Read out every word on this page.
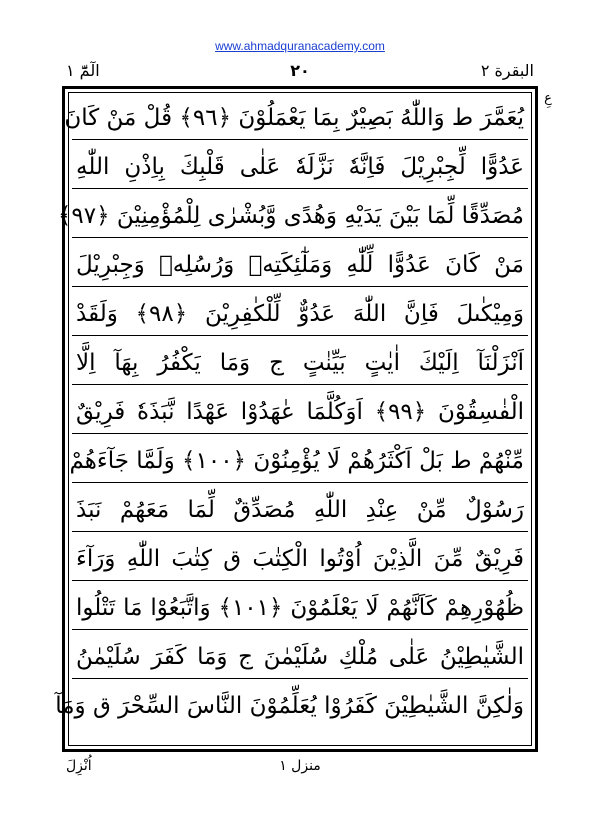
www.ahmadquranacademy.com
البقرة ٢
٢٠
الٓمّٓ ١
عِ
يُعَمَّرَ ط وَاللّٰهُ بَصِيْرٌ بِمَا يَعْمَلُوْنَ ﴿٩٦﴾ قُلْ مَنْ كَانَ
عَدُوًّا لِّجِبْرِيْلَ فَاِنَّهٗ نَزَّلَهٗ عَلٰى قَلْبِكَ بِاِذْنِ اللّٰهِ
مُصَدِّقًا لِّمَا بَيْنَ يَدَيْهِ وَهُدًى وَّبُشْرٰى لِلْمُؤْمِنِيْنَ ﴿٩٧﴾
مَنْ كَانَ عَدُوًّا لِّلّٰهِ وَمَلٰٓئِكَتِهٖ وَرُسُلِهٖ وَجِبْرِيْلَ
وَمِيْكٰىلَ فَاِنَّ اللّٰهَ عَدُوٌّ لِّلْكٰفِرِيْنَ ﴿٩٨﴾ وَلَقَدْ
اَنْزَلْنَآ اِلَيْكَ اٰيٰتٍ بَيِّنٰتٍ ج وَمَا يَكْفُرُ بِهَآ اِلَّا
الْفٰسِقُوْنَ ﴿٩٩﴾ اَوَكُلَّمَا عٰهَدُوْا عَهْدًا نَّبَذَهٗ فَرِيْقٌ
مِّنْهُمْ ط بَلْ اَكْثَرُهُمْ لَا يُؤْمِنُوْنَ ﴿١٠٠﴾ وَلَمَّا جَآءَهُمْ
رَسُوْلٌ مِّنْ عِنْدِ اللّٰهِ مُصَدِّقٌ لِّمَا مَعَهُمْ نَبَذَ
فَرِيْقٌ مِّنَ الَّذِيْنَ اُوْتُوا الْكِتٰبَ ق كِتٰبَ اللّٰهِ وَرَآءَ
ظُهُوْرِهِمْ كَاَنَّهُمْ لَا يَعْلَمُوْنَ ﴿١٠١﴾ وَاتَّبَعُوْا مَا تَتْلُوا
الشَّيٰطِيْنُ عَلٰى مُلْكِ سُلَيْمٰنَ ج وَمَا كَفَرَ سُلَيْمٰنُ
وَلٰكِنَّ الشَّيٰطِيْنَ كَفَرُوْا يُعَلِّمُوْنَ النَّاسَ السِّحْرَ ق وَمَآ
منزل ١
اُنْزِلَ
